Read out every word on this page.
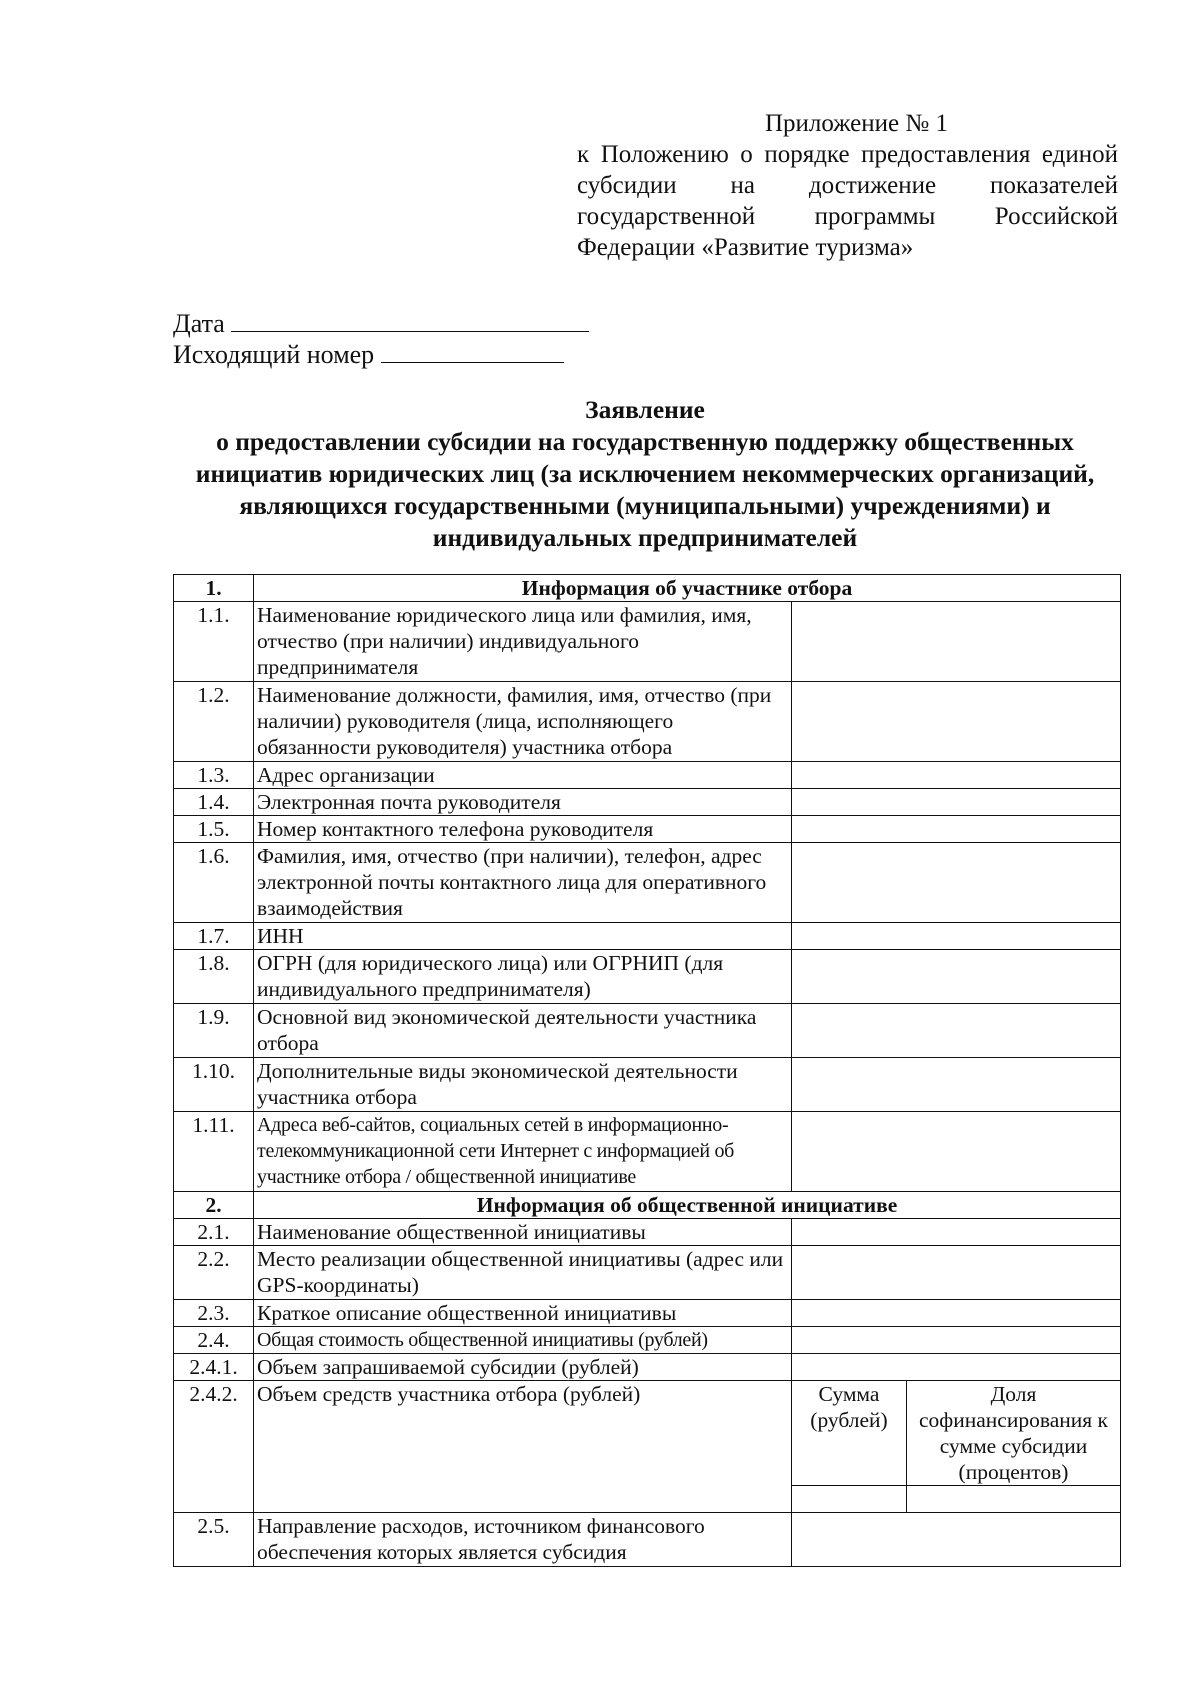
Приложение № 1
к Положению о порядке предоставления единой субсидии на достижение показателей государственной программы Российской Федерации «Развитие туризма»
Дата
Исходящий номер
Заявление
о предоставлении субсидии на государственную поддержку общественных инициатив юридических лиц (за исключением некоммерческих организаций, являющихся государственными (муниципальными) учреждениями) и индивидуальных предпринимателей
1.	Информация об участнике отбора		
1.1.	Наименование юридического лица или фамилия, имя, отчество (при наличии) индивидуального предпринимателя		
1.2.	Наименование должности, фамилия, имя, отчество (при наличии) руководителя (лица, исполняющего обязанности руководителя) участника отбора		
1.3.	Адрес организации		
1.4.	Электронная почта руководителя		
1.5.	Номер контактного телефона руководителя		
1.6.	Фамилия, имя, отчество (при наличии), телефон, адрес электронной почты контактного лица для оперативного взаимодействия		
1.7.	ИНН		
1.8.	ОГРН (для юридического лица) или ОГРНИП (для индивидуального предпринимателя)		
1.9.	Основной вид экономической деятельности участника отбора		
1.10.	Дополнительные виды экономической деятельности участника отбора		
1.11.	Адреса веб-сайтов, социальных сетей в информационно-телекоммуникационной сети Интернет с информацией об участнике отбора / общественной инициативе		
2.	Информация об общественной инициативе		
2.1.	Наименование общественной инициативы		
2.2.	Место реализации общественной инициативы (адрес или GPS-координаты)		
2.3.	Краткое описание общественной инициативы		
2.4.	Общая стоимость общественной инициативы (рублей)		
2.4.1.	Объем запрашиваемой субсидии (рублей)		
2.4.2.	Объем средств участника отбора (рублей)	Сумма (рублей)	Доля софинансирования к сумме субсидии (процентов)

2.5.	Направление расходов, источником финансового обеспечения которых является субсидия		
